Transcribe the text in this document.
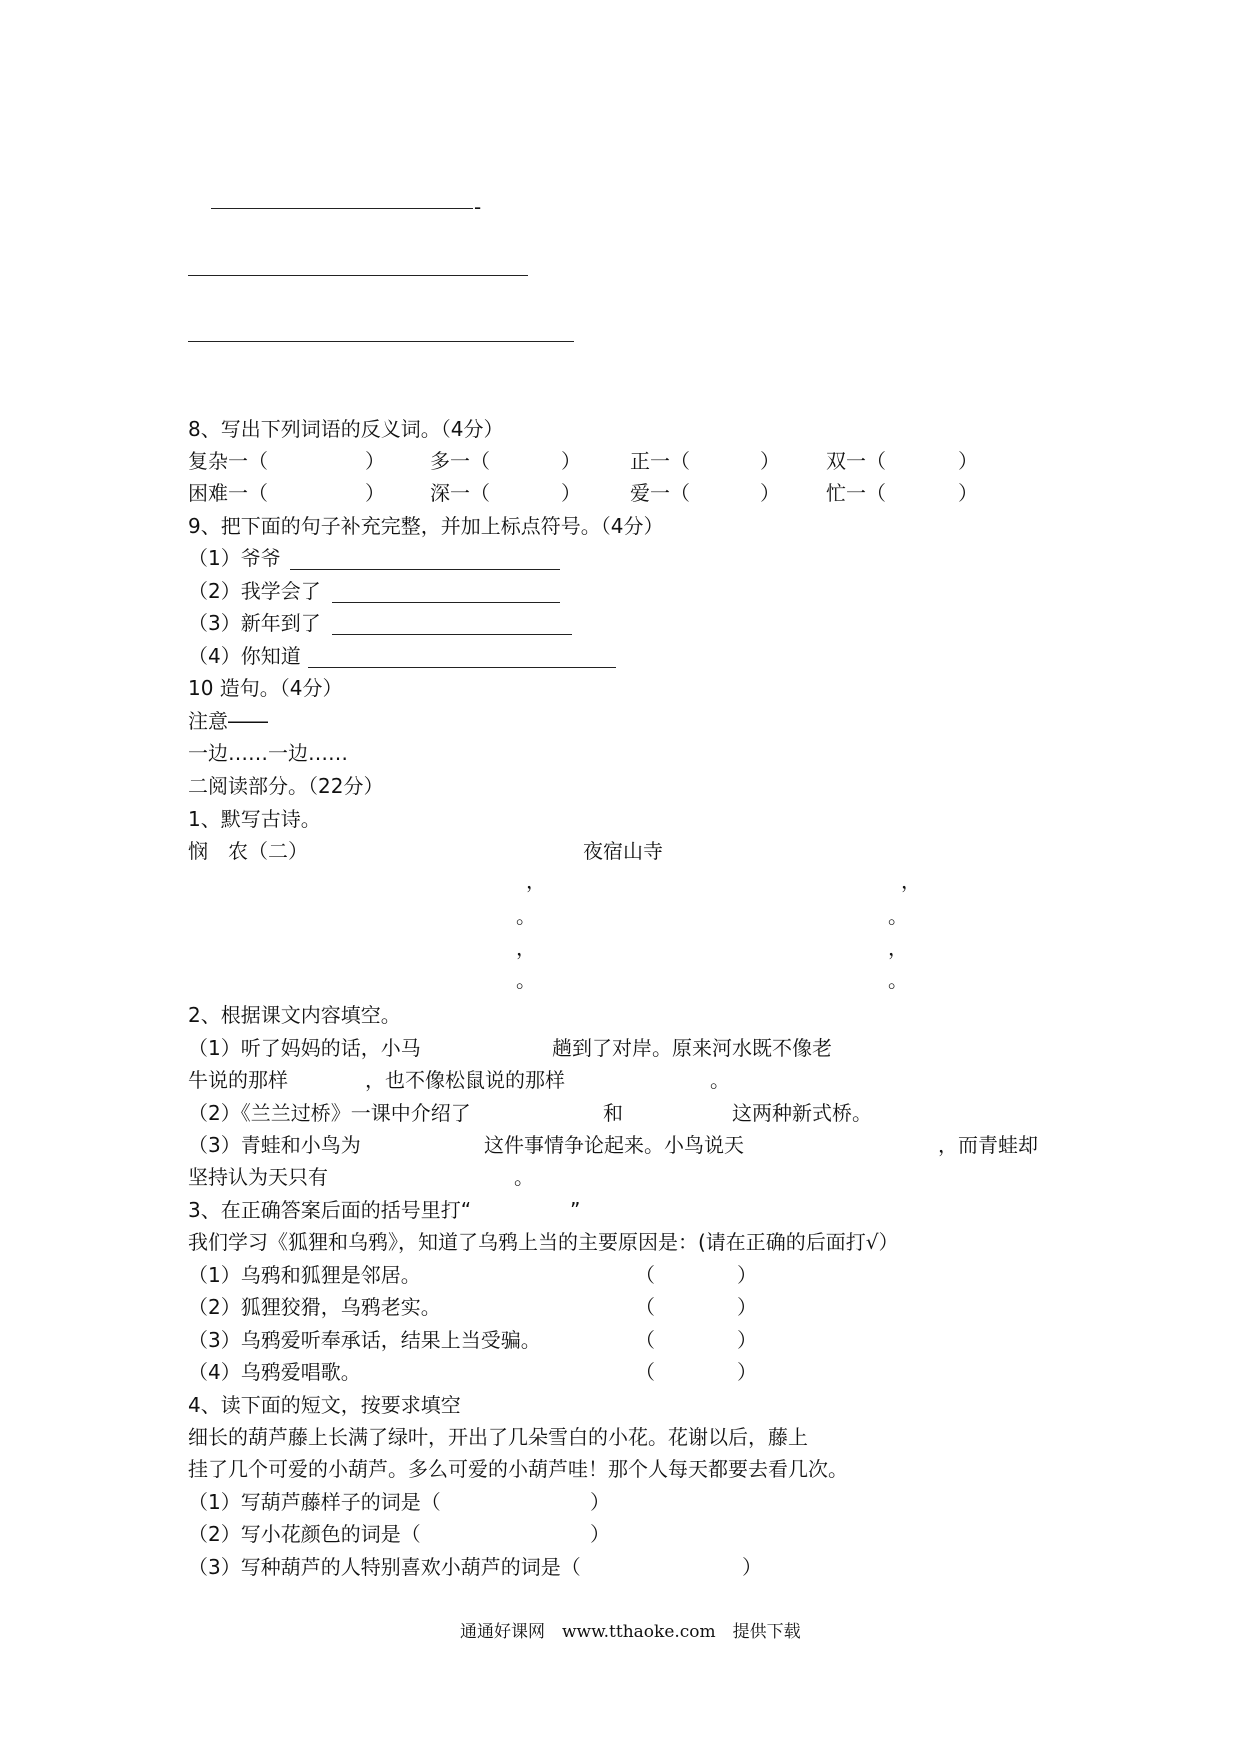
-
8、写出下列词语的反义词。（4分）
复杂一（	） 多一（	） 正一（	） 双一（	）
困难一（	） 深一（	） 爱一（	） 忙一（	）
9、把下面的句子补充完整，并加上标点符号。（4分）
（1）爷爷
（2）我学会了
（3）新年到了
（4）你知道
10 造句。（4分）
注意――
一边……一边……
二阅读部分。（22分）
1、默写古诗。
悯　农（二）	夜宿山寺
，	，
。	。
，	，
。	。
2、根据课文内容填空。
（1）听了妈妈的话，小马	趟到了对岸。原来河水既不像老
牛说的那样	，也不像松鼠说的那样	。
（2）《兰兰过桥》一课中介绍了	和	这两种新式桥。
（3）青蛙和小鸟为	这件事情争论起来。小鸟说天	，而青蛙却
坚持认为天只有	。
3、在正确答案后面的括号里打“	”
我们学习《狐狸和乌鸦》，知道了乌鸦上当的主要原因是：(请在正确的后面打√）
（1）乌鸦和狐狸是邻居。	（	）
（2）狐狸狡猾，乌鸦老实。	（	）
（3）乌鸦爱听奉承话，结果上当受骗。	（	）
（4）乌鸦爱唱歌。	（	）
4、读下面的短文，按要求填空
细长的葫芦藤上长满了绿叶，开出了几朵雪白的小花。花谢以后，藤上
挂了几个可爱的小葫芦。多么可爱的小葫芦哇！那个人每天都要去看几次。
（1）写葫芦藤样子的词是（	）
（2）写小花颜色的词是（	）
（3）写种葫芦的人特别喜欢小葫芦的词是（	）
通通好课网　www.tthaoke.com　提供下载
